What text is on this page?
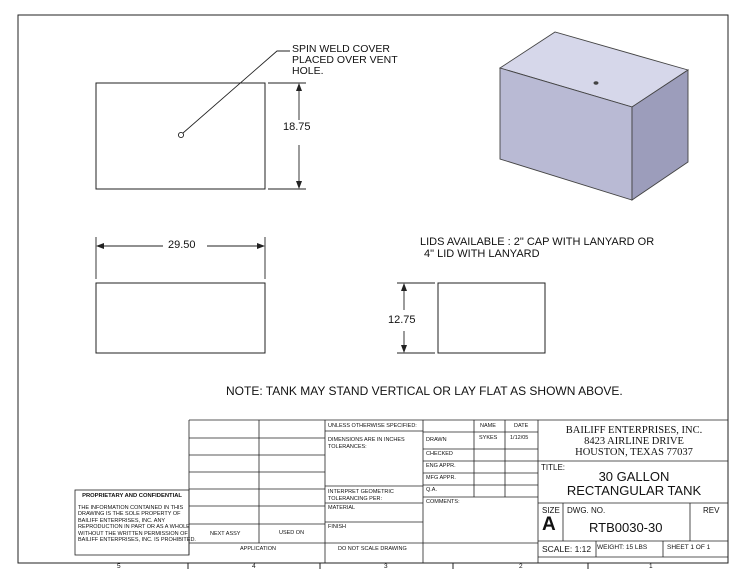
SPIN WELD COVER
PLACED OVER VENT
HOLE.
18.75
29.50
12.75
LIDS AVAILABLE : 2" CAP WITH LANYARD OR
4" LID WITH LANYARD
NOTE: TANK MAY STAND VERTICAL OR LAY FLAT AS SHOWN ABOVE.
PROPRIETARY AND CONFIDENTIAL
THE INFORMATION CONTAINED IN THIS
DRAWING IS THE SOLE PROPERTY OF
BAILIFF ENTERPRISES, INC. ANY
REPRODUCTION IN PART OR AS A WHOLE
WITHOUT THE WRITTEN PERMISSION OF
BAILIFF ENTERPRISES, INC. IS PROHIBITED.
NEXT ASSY	USED ON
APPLICATION
UNLESS OTHERWISE SPECIFIED:
DIMENSIONS ARE IN INCHES
TOLERANCES:
INTERPRET GEOMETRIC
TOLERANCING PER:
MATERIAL
FINISH
DO NOT SCALE DRAWING
NAME	DATE
DRAWN	SYKES 1/12/05
CHECKED
ENG APPR.
MFG APPR.
Q.A.
COMMENTS:
BAILIFF ENTERPRISES, INC.
8423 AIRLINE DRIVE
HOUSTON, TEXAS 77037
TITLE:
30 GALLON
RECTANGULAR TANK
SIZE
A
DWG. NO.
RTB0030-30
REV
SCALE: 1:12 WEIGHT: 15 LBS	SHEET 1 OF 1
5	4	3	2	1
